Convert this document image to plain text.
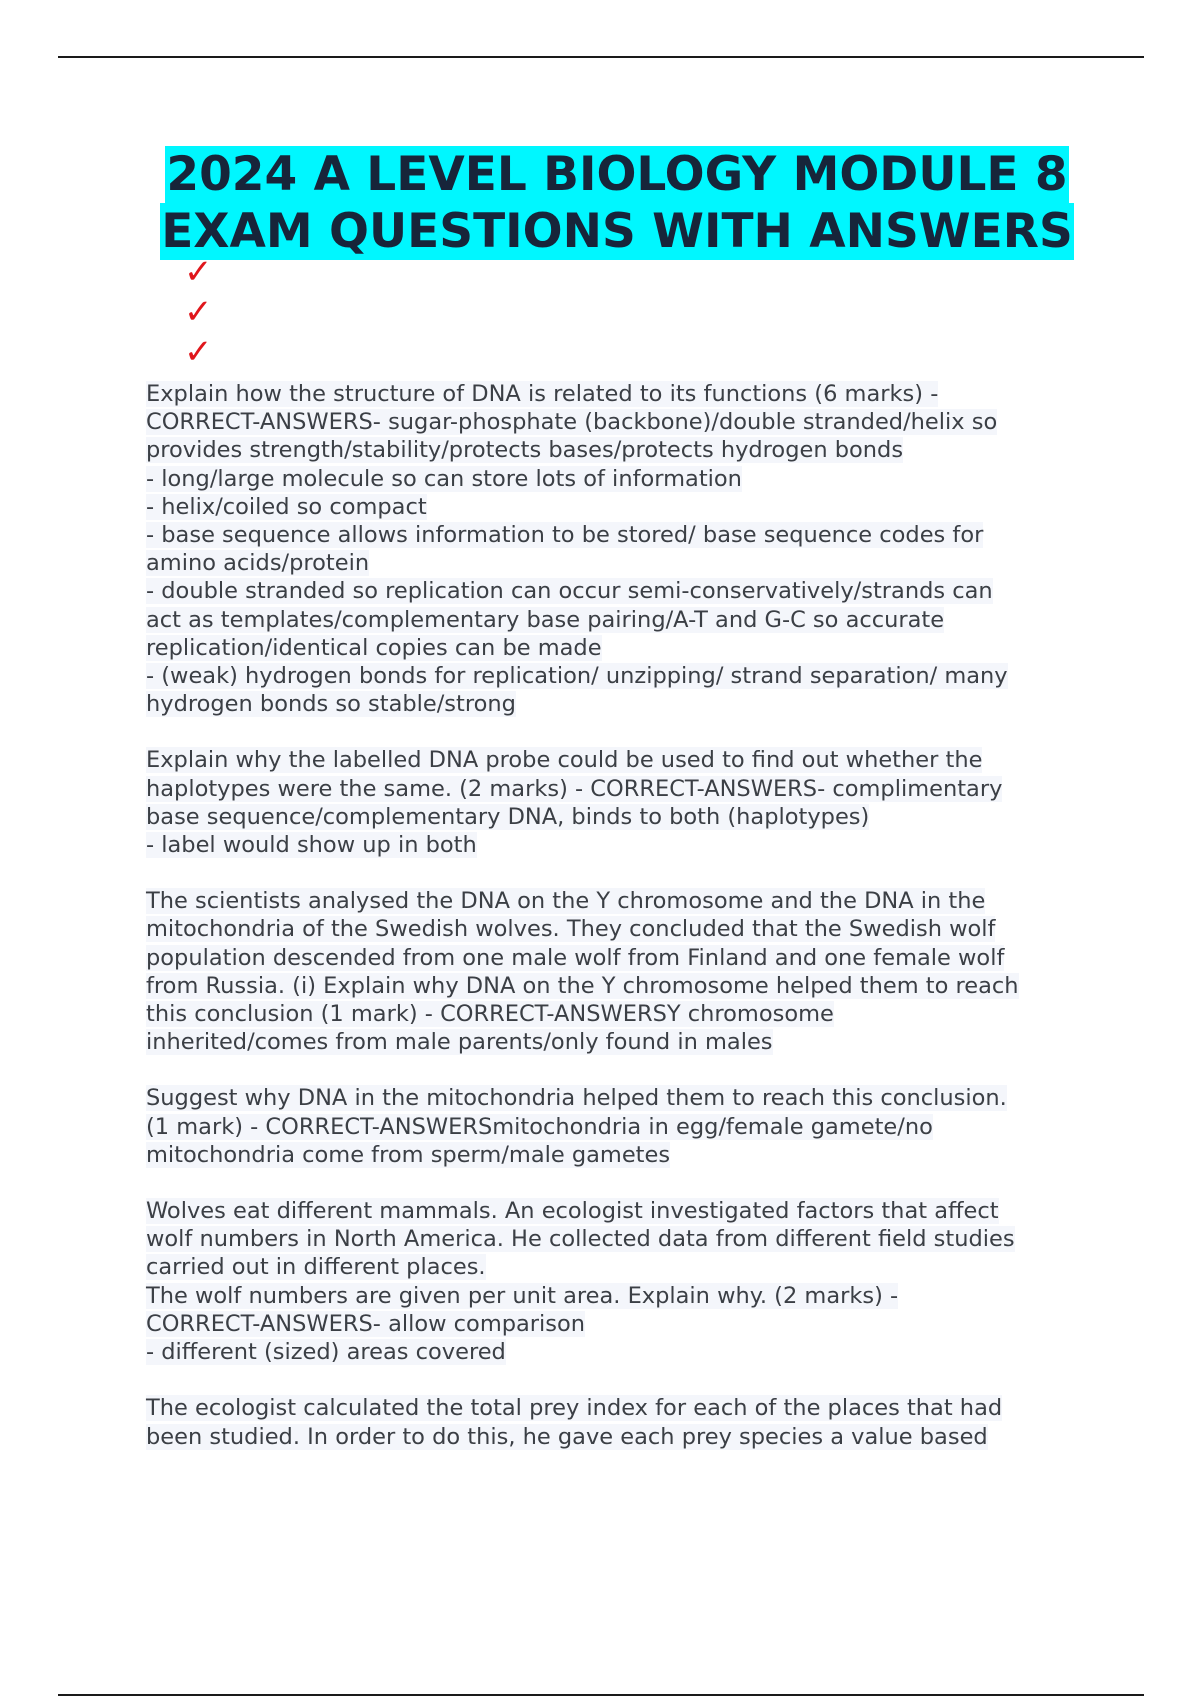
2024 A LEVEL BIOLOGY MODULE 8
EXAM QUESTIONS WITH ANSWERS
✓
✓
✓
Explain how the structure of DNA is related to its functions (6 marks) -
CORRECT-ANSWERS- sugar-phosphate (backbone)/double stranded/helix so
provides strength/stability/protects bases/protects hydrogen bonds
- long/large molecule so can store lots of information
- helix/coiled so compact
- base sequence allows information to be stored/ base sequence codes for
amino acids/protein
- double stranded so replication can occur semi-conservatively/strands can
act as templates/complementary base pairing/A-T and G-C so accurate
replication/identical copies can be made
- (weak) hydrogen bonds for replication/ unzipping/ strand separation/ many
hydrogen bonds so stable/strong
Explain why the labelled DNA probe could be used to find out whether the
haplotypes were the same. (2 marks) - CORRECT-ANSWERS- complimentary
base sequence/complementary DNA, binds to both (haplotypes)
- label would show up in both
The scientists analysed the DNA on the Y chromosome and the DNA in the
mitochondria of the Swedish wolves. They concluded that the Swedish wolf
population descended from one male wolf from Finland and one female wolf
from Russia. (i) Explain why DNA on the Y chromosome helped them to reach
this conclusion (1 mark) - CORRECT-ANSWERSY chromosome
inherited/comes from male parents/only found in males
Suggest why DNA in the mitochondria helped them to reach this conclusion.
(1 mark) - CORRECT-ANSWERSmitochondria in egg/female gamete/no
mitochondria come from sperm/male gametes
Wolves eat different mammals. An ecologist investigated factors that affect
wolf numbers in North America. He collected data from different field studies
carried out in different places.
The wolf numbers are given per unit area. Explain why. (2 marks) -
CORRECT-ANSWERS- allow comparison
- different (sized) areas covered
The ecologist calculated the total prey index for each of the places that had
been studied. In order to do this, he gave each prey species a value based
